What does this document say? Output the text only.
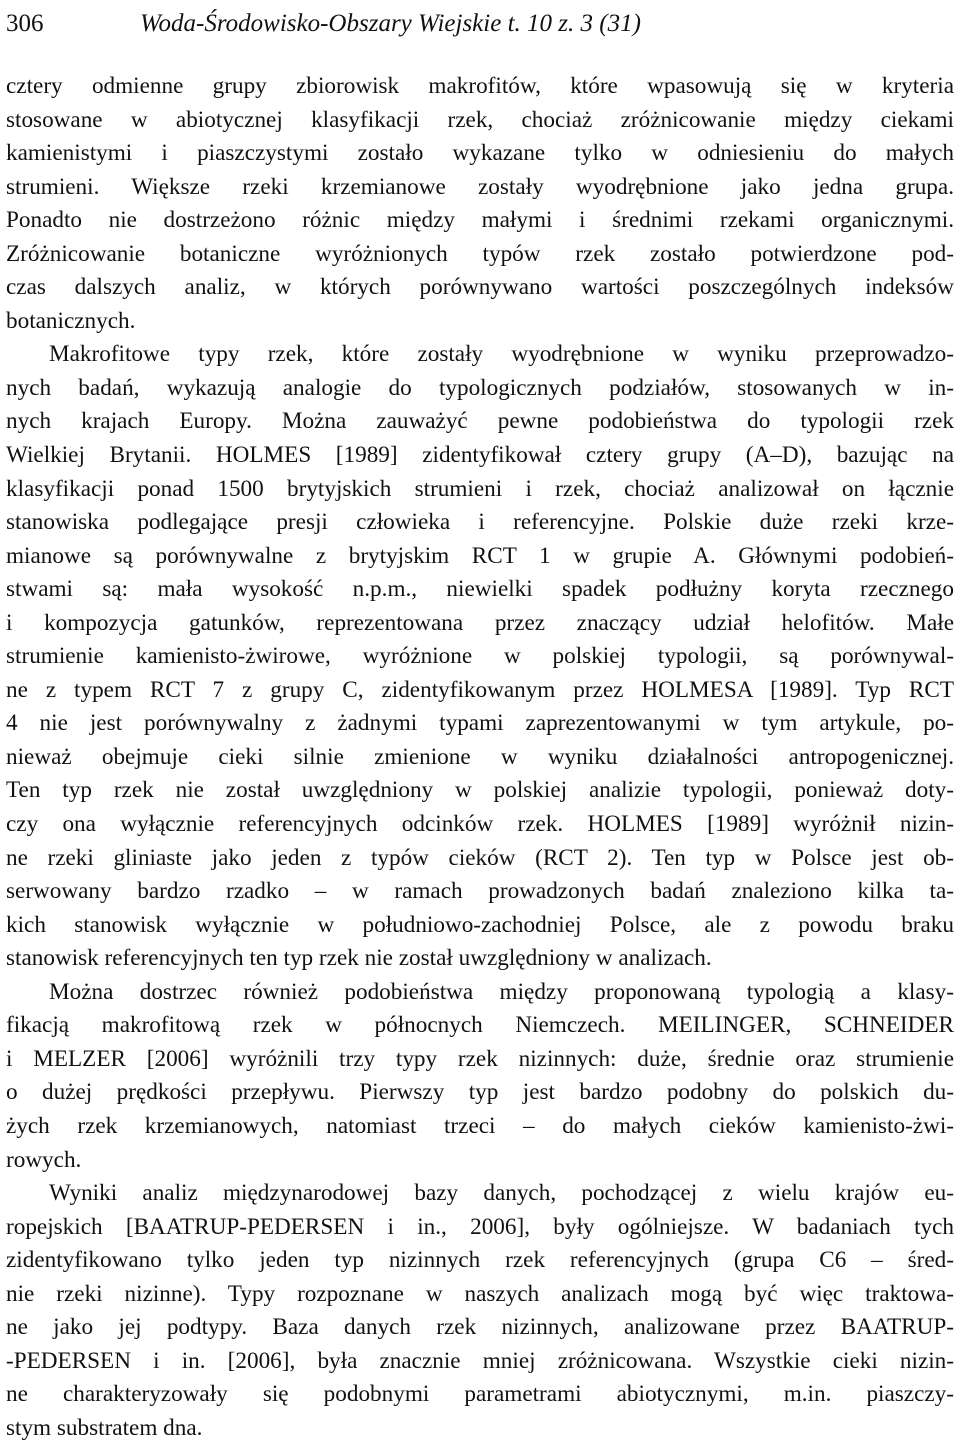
306	Woda-Środowisko-Obszary Wiejskie t. 10 z. 3 (31)
cztery odmienne grupy zbiorowisk makrofitów, które wpasowują się w kryteria
stosowane w abiotycznej klasyfikacji rzek, chociaż zróżnicowanie między ciekami
kamienistymi i piaszczystymi zostało wykazane tylko w odniesieniu do małych
strumieni. Większe rzeki krzemianowe zostały wyodrębnione jako jedna grupa.
Ponadto nie dostrzeżono różnic między małymi i średnimi rzekami organicznymi.
Zróżnicowanie botaniczne wyróżnionych typów rzek zostało potwierdzone pod-
czas dalszych analiz, w których porównywano wartości poszczególnych indeksów
botanicznych.
Makrofitowe typy rzek, które zostały wyodrębnione w wyniku przeprowadzo-
nych badań, wykazują analogie do typologicznych podziałów, stosowanych w in-
nych krajach Europy. Można zauważyć pewne podobieństwa do typologii rzek
Wielkiej Brytanii. HOLMES [1989] zidentyfikował cztery grupy (A–D), bazując na
klasyfikacji ponad 1500 brytyjskich strumieni i rzek, chociaż analizował on łącznie
stanowiska podlegające presji człowieka i referencyjne. Polskie duże rzeki krze-
mianowe są porównywalne z brytyjskim RCT 1 w grupie A. Głównymi podobień-
stwami są: mała wysokość n.p.m., niewielki spadek podłużny koryta rzecznego
i kompozycja gatunków, reprezentowana przez znaczący udział helofitów. Małe
strumienie kamienisto-żwirowe, wyróżnione w polskiej typologii, są porównywal-
ne z typem RCT 7 z grupy C, zidentyfikowanym przez HOLMESA [1989]. Typ RCT
4 nie jest porównywalny z żadnymi typami zaprezentowanymi w tym artykule, po-
nieważ obejmuje cieki silnie zmienione w wyniku działalności antropogenicznej.
Ten typ rzek nie został uwzględniony w polskiej analizie typologii, ponieważ doty-
czy ona wyłącznie referencyjnych odcinków rzek. HOLMES [1989] wyróżnił nizin-
ne rzeki gliniaste jako jeden z typów cieków (RCT 2). Ten typ w Polsce jest ob-
serwowany bardzo rzadko – w ramach prowadzonych badań znaleziono kilka ta-
kich stanowisk wyłącznie w południowo-zachodniej Polsce, ale z powodu braku
stanowisk referencyjnych ten typ rzek nie został uwzględniony w analizach.
Można dostrzec również podobieństwa między proponowaną typologią a klasy-
fikacją makrofitową rzek w północnych Niemczech. MEILINGER, SCHNEIDER
i MELZER [2006] wyróżnili trzy typy rzek nizinnych: duże, średnie oraz strumienie
o dużej prędkości przepływu. Pierwszy typ jest bardzo podobny do polskich du-
żych rzek krzemianowych, natomiast trzeci – do małych cieków kamienisto-żwi-
rowych.
Wyniki analiz międzynarodowej bazy danych, pochodzącej z wielu krajów eu-
ropejskich [BAATRUP-PEDERSEN i in., 2006], były ogólniejsze. W badaniach tych
zidentyfikowano tylko jeden typ nizinnych rzek referencyjnych (grupa C6 – śred-
nie rzeki nizinne). Typy rozpoznane w naszych analizach mogą być więc traktowa-
ne jako jej podtypy. Baza danych rzek nizinnych, analizowane przez BAATRUP-
-PEDERSEN i in. [2006], była znacznie mniej zróżnicowana. Wszystkie cieki nizin-
ne charakteryzowały się podobnymi parametrami abiotycznymi, m.in. piaszczy-
stym substratem dna.
